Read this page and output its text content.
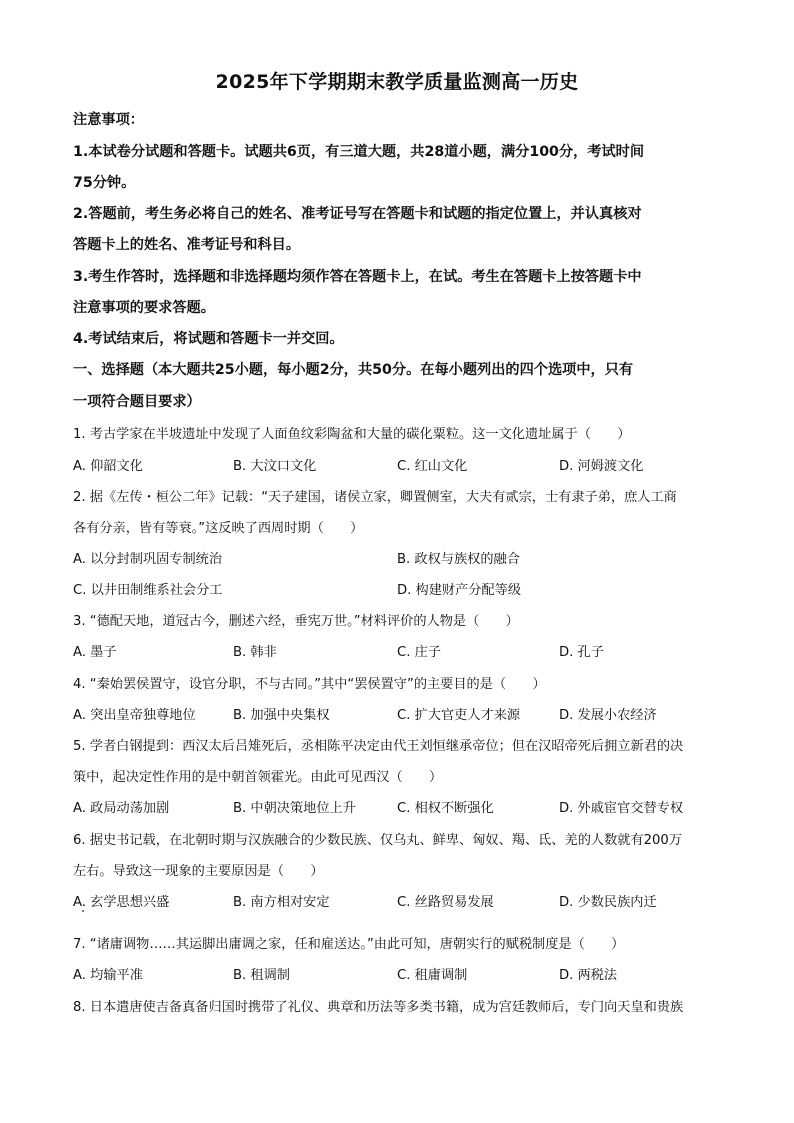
2025年下学期期末教学质量监测高一历史
注意事项：
1.本试卷分试题和答题卡。试题共6页，有三道大题，共28道小题，满分100分，考试时间
75分钟。
2.答题前，考生务必将自己的姓名、准考证号写在答题卡和试题的指定位置上，并认真核对
答题卡上的姓名、准考证号和科目。
3.考生作答时，选择题和非选择题均须作答在答题卡上，在试。考生在答题卡上按答题卡中
注意事项的要求答题。
4.考试结束后，将试题和答题卡一并交回。
一、选择题（本大题共25小题，每小题2分，共50分。在每小题列出的四个选项中，只有
一项符合题目要求）
1. 考古学家在半坡遗址中发现了人面鱼纹彩陶盆和大量的碳化粟粒。这一文化遗址属于（　　）
A. 仰韶文化	B. 大汶口文化	C. 红山文化	D. 河姆渡文化
2. 据《左传・桓公二年》记载：“天子建国，诸侯立家，卿置侧室，大夫有贰宗，士有隶子弟，庶人工商
各有分亲，皆有等衰。”这反映了西周时期（　　）
A. 以分封制巩固专制统治	B. 政权与族权的融合
C. 以井田制维系社会分工	D. 构建财产分配等级
3. “德配天地，道冠古今，删述六经，垂宪万世。”材料评价的人物是（　　）
A. 墨子	B. 韩非	C. 庄子	D. 孔子
4. “秦始罢侯置守，设官分职，不与古同。”其中“罢侯置守”的主要目的是（　　）
A. 突出皇帝独尊地位	B. 加强中央集权	C. 扩大官吏人才来源	D. 发展小农经济
5. 学者白钢提到：西汉太后吕雉死后，丞相陈平决定由代王刘恒继承帝位；但在汉昭帝死后拥立新君的决
策中，起决定性作用的是中朝首领霍光。由此可见西汉（　　）
A. 政局动荡加剧	B. 中朝决策地位上升	C. 相权不断强化	D. 外戚宦官交替专权
6. 据史书记载，在北朝时期与汉族融合的少数民族、仅乌丸、鲜卑、匈奴、羯、氐、羌的人数就有200万
左右。导致这一现象的主要原因是（　　）
A. 玄学思想兴盛	B. 南方相对安定	C. 丝路贸易发展	D. 少数民族内迁
7. “诸庸调物……其运脚出庸调之家，任和雇送达。”由此可知，唐朝实行的赋税制度是（　　）
A. 均输平准	B. 租调制	C. 租庸调制	D. 两税法
8. 日本遣唐使吉备真备归国时携带了礼仪、典章和历法等多类书籍，成为宫廷教师后，专门向天皇和贵族
